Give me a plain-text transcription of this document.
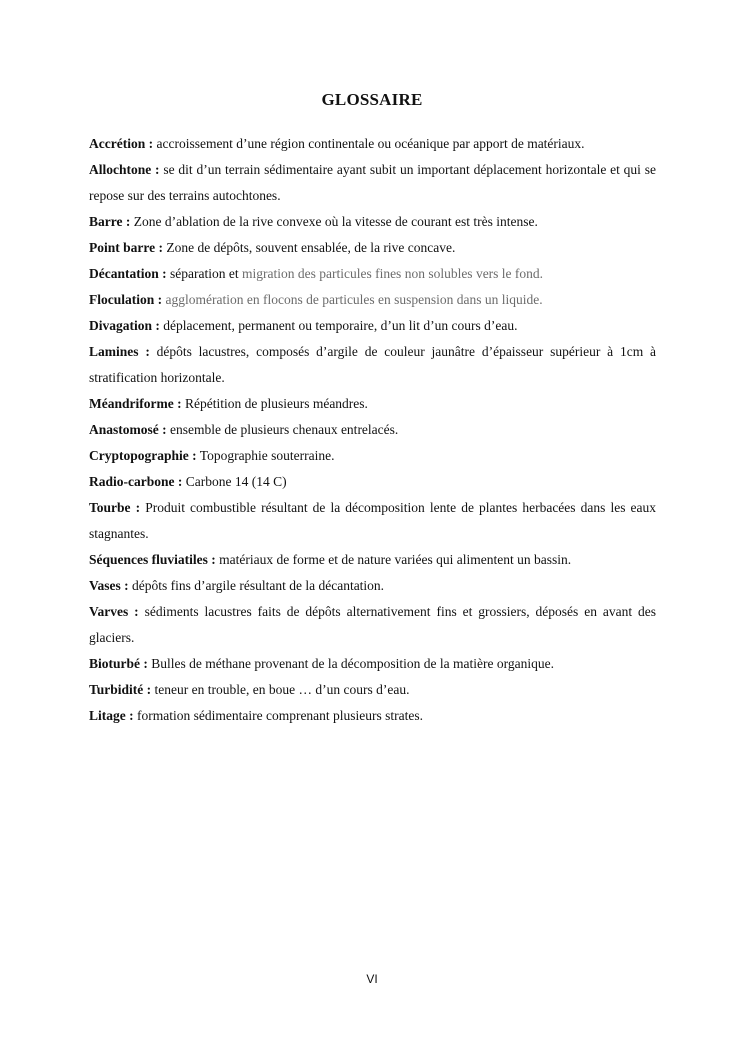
GLOSSAIRE

Accrétion : accroissement d’une région continentale ou océanique par apport de matériaux.

Allochtone : se dit d’un terrain sédimentaire ayant subit un important déplacement horizontale et qui se repose sur des terrains autochtones.

Barre : Zone d’ablation de la rive convexe où la vitesse de courant est très intense.

Point barre : Zone de dépôts, souvent ensablée, de la rive concave.

Décantation : séparation et migration des particules fines non solubles vers le fond.

Floculation : agglomération en flocons de particules en suspension dans un liquide.

Divagation : déplacement, permanent ou temporaire, d’un lit d’un cours d’eau.

Lamines : dépôts lacustres, composés d’argile de couleur jaunâtre d’épaisseur supérieur à 1cm à stratification horizontale.

Méandriforme : Répétition de plusieurs méandres.

Anastomosé : ensemble de plusieurs chenaux entrelacés.

Cryptopographie : Topographie souterraine.

Radio-carbone : Carbone 14 (14 C)

Tourbe : Produit combustible résultant de la décomposition lente de plantes herbacées dans les eaux stagnantes.

Séquences fluviatiles : matériaux de forme et de nature variées qui alimentent un bassin.

Vases : dépôts fins d’argile résultant de la décantation.

Varves : sédiments lacustres faits de dépôts alternativement fins et grossiers, déposés en avant des glaciers.

Bioturbé : Bulles de méthane provenant de la décomposition de la matière organique.

Turbidité : teneur en trouble, en boue … d’un cours d’eau.

Litage : formation sédimentaire comprenant plusieurs strates.

VI
